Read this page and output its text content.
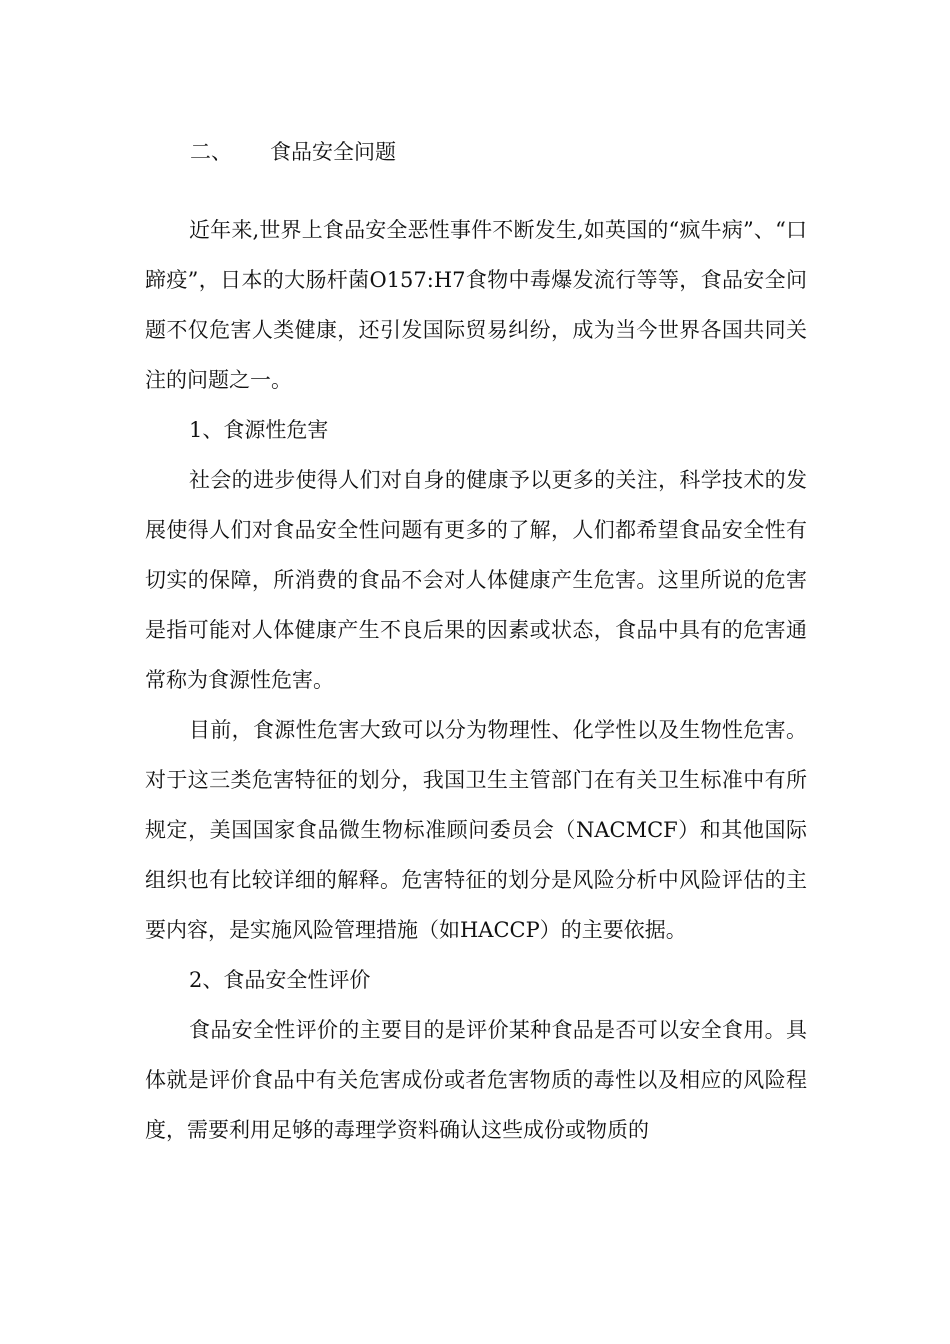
二、 食品安全问题

近年来,世界上食品安全恶性事件不断发生,如英国的“疯牛病”、“口蹄疫”，日本的大肠杆菌O157:H7食物中毒爆发流行等等，食品安全问题不仅危害人类健康，还引发国际贸易纠纷，成为当今世界各国共同关注的问题之一。

1、食源性危害

社会的进步使得人们对自身的健康予以更多的关注，科学技术的发展使得人们对食品安全性问题有更多的了解，人们都希望食品安全性有切实的保障，所消费的食品不会对人体健康产生危害。这里所说的危害是指可能对人体健康产生不良后果的因素或状态，食品中具有的危害通常称为食源性危害。

目前，食源性危害大致可以分为物理性、化学性以及生物性危害。对于这三类危害特征的划分，我国卫生主管部门在有关卫生标准中有所规定，美国国家食品微生物标准顾问委员会（NACMCF）和其他国际组织也有比较详细的解释。危害特征的划分是风险分析中风险评估的主要内容，是实施风险管理措施（如HACCP）的主要依据。

2、食品安全性评价

食品安全性评价的主要目的是评价某种食品是否可以安全食用。具体就是评价食品中有关危害成份或者危害物质的毒性以及相应的风险程度，需要利用足够的毒理学资料确认这些成份或物质的
